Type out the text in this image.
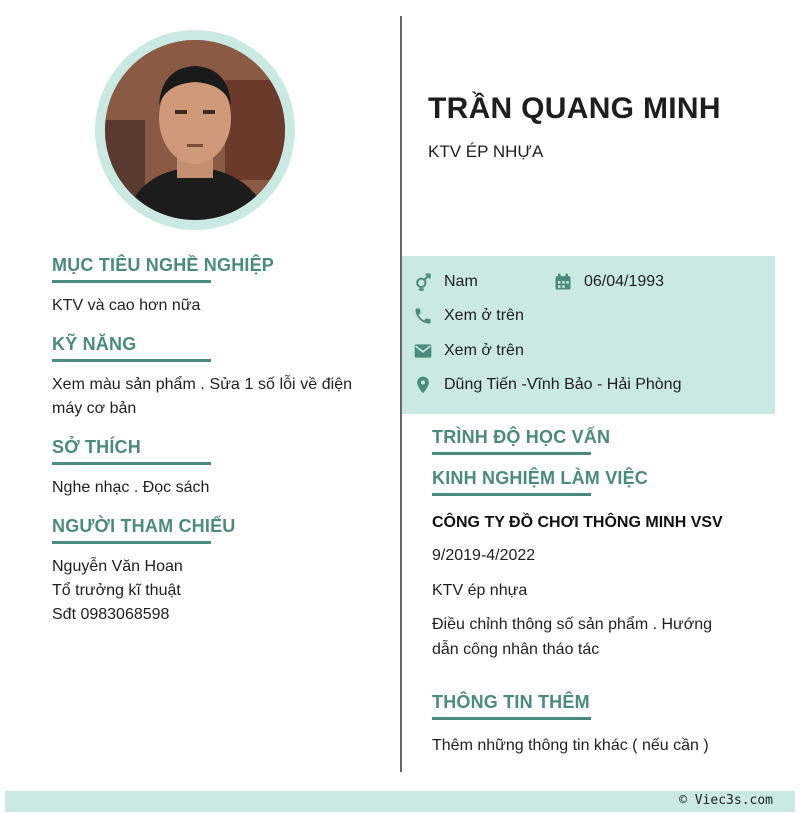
MỤC TIÊU NGHỀ NGHIỆP
KTV và cao hơn nữa
KỸ NĂNG
Xem màu sản phẩm . Sửa 1 số lỗi về điện máy cơ bản
SỞ THÍCH
Nghe nhạc . Đọc sách
NGƯỜI THAM CHIẾU
Nguyễn Văn Hoan
Tổ trưởng kĩ thuật
Sđt 0983068598
TRẦN QUANG MINH
KTV ÉP NHỰA
Nam	06/04/1993
Xem ở trên
Xem ở trên
Dũng Tiến -Vĩnh Bảo - Hải Phòng
TRÌNH ĐỘ HỌC VẤN
KINH NGHIỆM LÀM VIỆC
CÔNG TY ĐỒ CHƠI THÔNG MINH VSV
9/2019-4/2022
KTV ép nhựa
Điều chỉnh thông số sản phẩm . Hướng dẫn công nhân tháo tác
THÔNG TIN THÊM
Thêm những thông tin khác ( nếu cần )
© Viec3s.com
